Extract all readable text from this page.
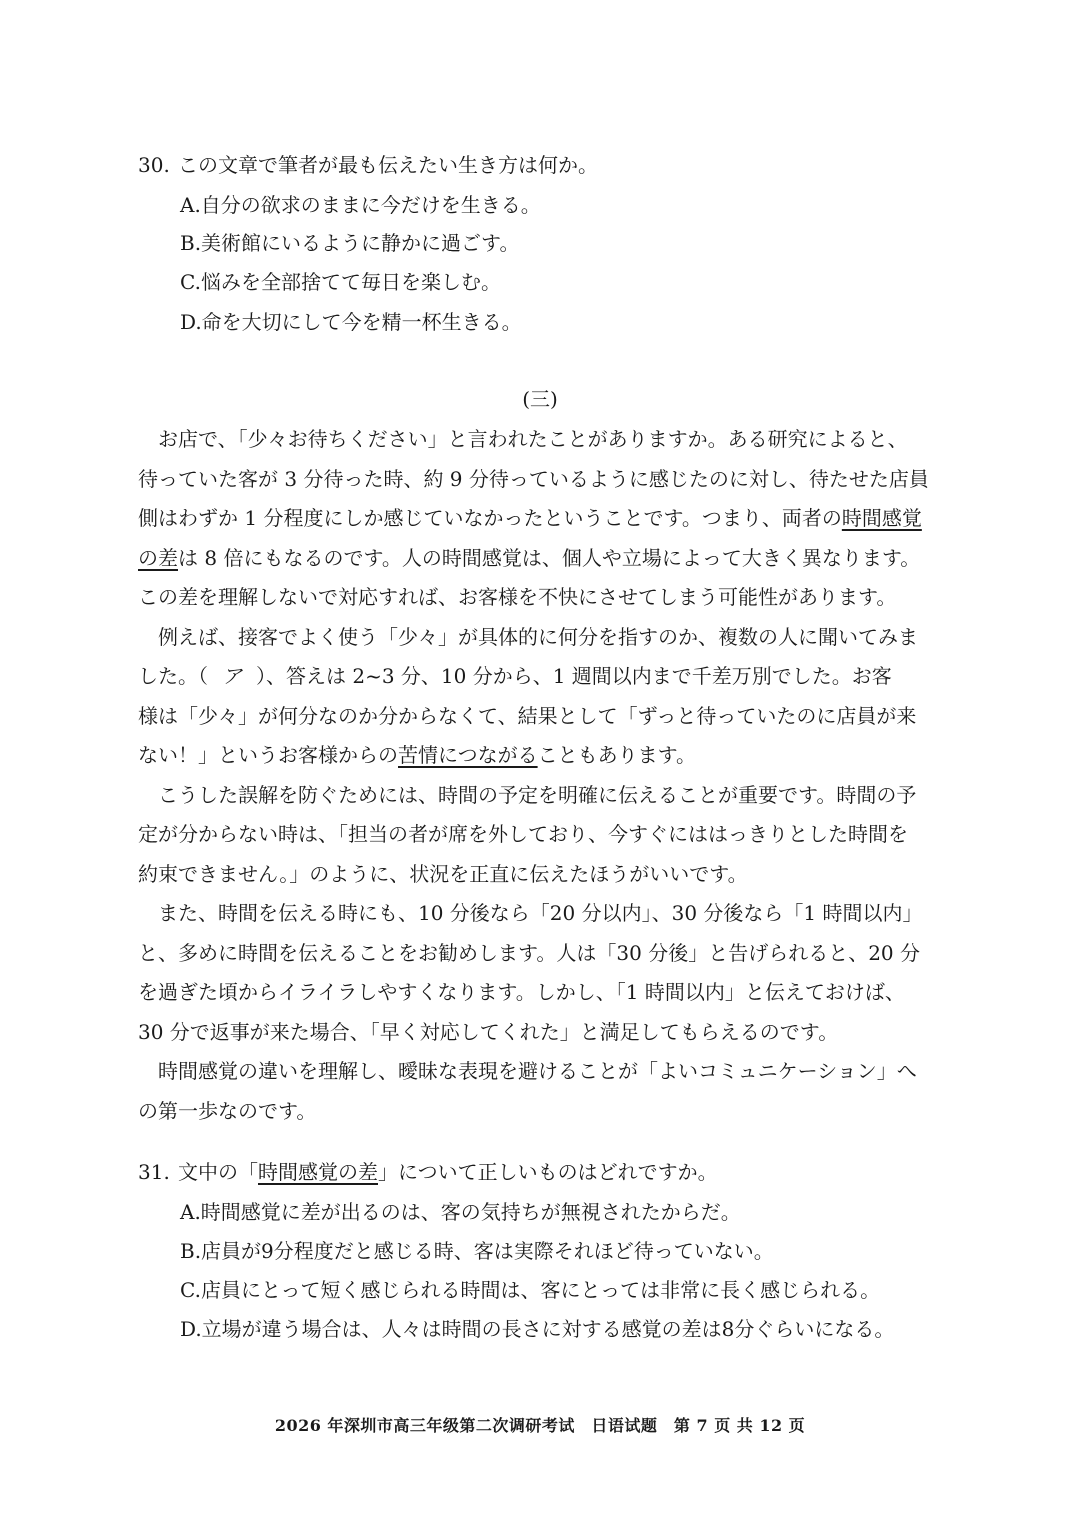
30. この文章で筆者が最も伝えたい生き方は何か。
A.自分の欲求のままに今だけを生きる。
B.美術館にいるように静かに過ごす。
C.悩みを全部捨てて毎日を楽しむ。
D.命を大切にして今を精一杯生きる。
(三)
お店で、「少々お待ちください」と言われたことがありますか。ある研究によると、
待っていた客が 3 分待った時、約 9 分待っているように感じたのに対し、待たせた店員
側はわずか 1 分程度にしか感じていなかったということです。つまり、両者の時間感覚
の差は 8 倍にもなるのです。人の時間感覚は、個人や立場によって大きく異なります。
この差を理解しないで対応すれば、お客様を不快にさせてしまう可能性があります。
例えば、接客でよく使う「少々」が具体的に何分を指すのか、複数の人に聞いてみま
した。（ ア ）、答えは 2~3 分、10 分から、1 週間以内まで千差万別でした。お客
様は「少々」が何分なのか分からなくて、結果として「ずっと待っていたのに店員が来
ない！」というお客様からの苦情につながることもあります。
こうした誤解を防ぐためには、時間の予定を明確に伝えることが重要です。時間の予
定が分からない時は、「担当の者が席を外しており、今すぐにははっきりとした時間を
約束できません。」のように、状況を正直に伝えたほうがいいです。
また、時間を伝える時にも、10 分後なら「20 分以内」、30 分後なら「1 時間以内」
と、多めに時間を伝えることをお勧めします。人は「30 分後」と告げられると、20 分
を過ぎた頃からイライラしやすくなります。しかし、「1 時間以内」と伝えておけば、
30 分で返事が来た場合、「早く対応してくれた」と満足してもらえるのです。
時間感覚の違いを理解し、曖昧な表現を避けることが「よいコミュニケーション」へ
の第一歩なのです。
31. 文中の「時間感覚の差」について正しいものはどれですか。
A.時間感覚に差が出るのは、客の気持ちが無視されたからだ。
B.店員が9分程度だと感じる時、客は実際それほど待っていない。
C.店員にとって短く感じられる時間は、客にとっては非常に長く感じられる。
D.立場が違う場合は、人々は時間の長さに対する感覚の差は8分ぐらいになる。
2026 年深圳市高三年级第二次调研考试　日语试题　第 7 页 共 12 页
